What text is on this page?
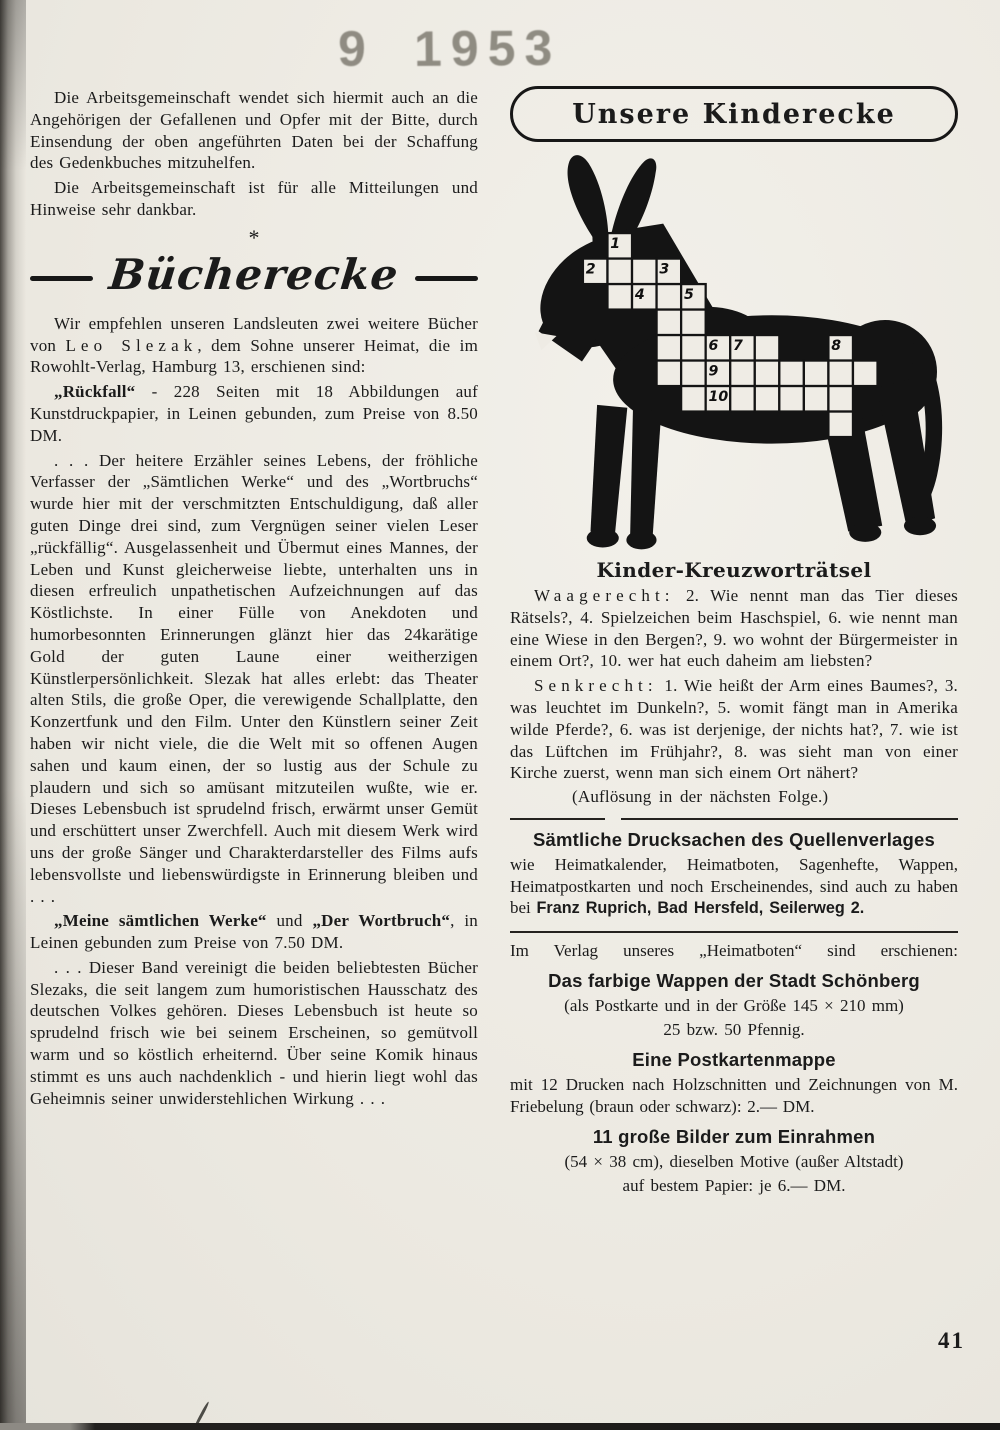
9 1953

Die Arbeitsgemeinschaft wendet sich hiermit auch an die Angehörigen der Gefallenen und Opfer mit der Bitte, durch Einsendung der oben angeführten Daten bei der Schaffung des Gedenkbuches mitzuhelfen.

Die Arbeitsgemeinschaft ist für alle Mitteilungen und Hinweise sehr dankbar.

*
Bücherecke

Wir empfehlen unseren Landsleuten zwei weitere Bücher von Leo Slezak, dem Sohne unserer Heimat, die im Rowohlt-Verlag, Hamburg 13, erschienen sind:

„Rückfall“ - 228 Seiten mit 18 Abbildungen auf Kunstdruckpapier, in Leinen gebunden, zum Preise von 8.50 DM.

. . . Der heitere Erzähler seines Lebens, der fröhliche Verfasser der „Sämtlichen Werke“ und des „Wortbruchs“ wurde hier mit der verschmitzten Entschuldigung, daß aller guten Dinge drei sind, zum Vergnügen seiner vielen Leser „rückfällig“. Ausgelassenheit und Übermut eines Mannes, der Leben und Kunst gleicherweise liebte, unterhalten uns in diesen erfreulich unpathetischen Aufzeichnungen auf das Köstlichste. In einer Fülle von Anekdoten und humorbesonnten Erinnerungen glänzt hier das 24karätige Gold der guten Laune einer weitherzigen Künstlerpersönlichkeit. Slezak hat alles erlebt: das Theater alten Stils, die große Oper, die verewigende Schallplatte, den Konzertfunk und den Film. Unter den Künstlern seiner Zeit haben wir nicht viele, die die Welt mit so offenen Augen sahen und kaum einen, der so lustig aus der Schule zu plaudern und sich so amüsant mitzuteilen wußte, wie er. Dieses Lebensbuch ist sprudelnd frisch, erwärmt unser Gemüt und erschüttert unser Zwerchfell. Auch mit diesem Werk wird uns der große Sänger und Charakterdarsteller des Films aufs lebensvollste und liebenswürdigste in Erinnerung bleiben und . . .

„Meine sämtlichen Werke“ und „Der Wortbruch“, in Leinen gebunden zum Preise von 7.50 DM.

. . . Dieser Band vereinigt die beiden beliebtesten Bücher Slezaks, die seit langem zum humoristischen Hausschatz des deutschen Volkes gehören. Dieses Lebensbuch ist heute so sprudelnd frisch wie bei seinem Erscheinen, so gemütvoll warm und so köstlich erheiternd. Über seine Komik hinaus stimmt es uns auch nachdenklich - und hierin liegt wohl das Geheimnis seiner unwiderstehlichen Wirkung . . .

Unsere Kinderecke
1
2	3
4	5
6 7	8
9
10
Kinder-Kreuzworträtsel

Waagerecht: 2. Wie nennt man das Tier dieses Rätsels?, 4. Spielzeichen beim Haschspiel, 6. wie nennt man eine Wiese in den Bergen?, 9. wo wohnt der Bürgermeister in einem Ort?, 10. wer hat euch daheim am liebsten?

Senkrecht: 1. Wie heißt der Arm eines Baumes?, 3. was leuchtet im Dunkeln?, 5. womit fängt man in Amerika wilde Pferde?, 6. was ist derjenige, der nichts hat?, 7. wie ist das Lüftchen im Frühjahr?, 8. was sieht man von einer Kirche zuerst, wenn man sich einem Ort nähert?

(Auflösung in der nächsten Folge.)

Sämtliche Drucksachen des Quellenverlages

wie Heimatkalender, Heimatboten, Sagenhefte, Wappen, Heimatpostkarten und noch Erscheinendes, sind auch zu haben bei Franz Ruprich, Bad Hersfeld, Seilerweg 2.

Im Verlag unseres „Heimatboten“ sind erschienen:

Das farbige Wappen der Stadt Schönberg

(als Postkarte und in der Größe 145 × 210 mm)

25 bzw. 50 Pfennig.

Eine Postkartenmappe

mit 12 Drucken nach Holzschnitten und Zeichnungen von M. Friebelung (braun oder schwarz): 2.— DM.

11 große Bilder zum Einrahmen

(54 × 38 cm), dieselben Motive (außer Altstadt)

auf bestem Papier: je 6.— DM.

41
